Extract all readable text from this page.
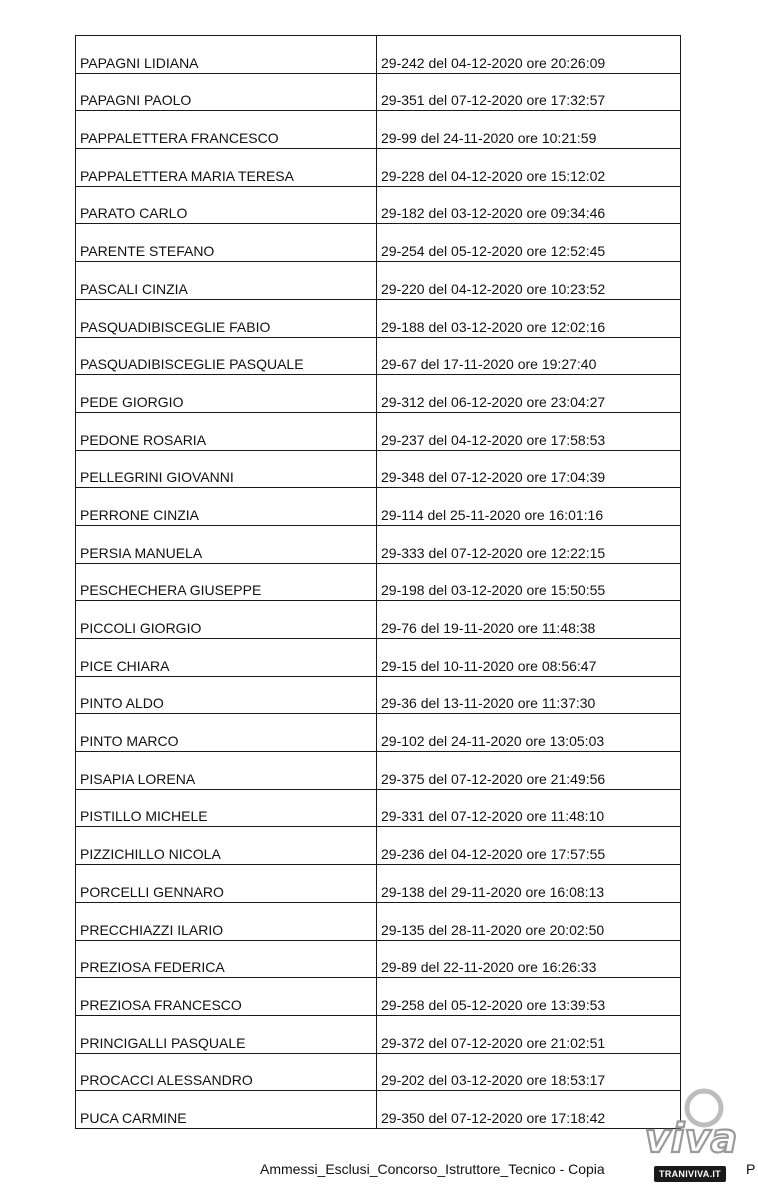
PAPAGNI LIDIANA	29-242 del 04-12-2020 ore 20:26:09
PAPAGNI PAOLO	29-351 del 07-12-2020 ore 17:32:57
PAPPALETTERA FRANCESCO	29-99 del 24-11-2020 ore 10:21:59
PAPPALETTERA MARIA TERESA	29-228 del 04-12-2020 ore 15:12:02
PARATO CARLO	29-182 del 03-12-2020 ore 09:34:46
PARENTE STEFANO	29-254 del 05-12-2020 ore 12:52:45
PASCALI CINZIA	29-220 del 04-12-2020 ore 10:23:52
PASQUADIBISCEGLIE FABIO	29-188 del 03-12-2020 ore 12:02:16
PASQUADIBISCEGLIE PASQUALE	29-67 del 17-11-2020 ore 19:27:40
PEDE GIORGIO	29-312 del 06-12-2020 ore 23:04:27
PEDONE ROSARIA	29-237 del 04-12-2020 ore 17:58:53
PELLEGRINI GIOVANNI	29-348 del 07-12-2020 ore 17:04:39
PERRONE CINZIA	29-114 del 25-11-2020 ore 16:01:16
PERSIA MANUELA	29-333 del 07-12-2020 ore 12:22:15
PESCHECHERA GIUSEPPE	29-198 del 03-12-2020 ore 15:50:55
PICCOLI GIORGIO	29-76 del 19-11-2020 ore 11:48:38
PICE CHIARA	29-15 del 10-11-2020 ore 08:56:47
PINTO ALDO	29-36 del 13-11-2020 ore 11:37:30
PINTO MARCO	29-102 del 24-11-2020 ore 13:05:03
PISAPIA LORENA	29-375 del 07-12-2020 ore 21:49:56
PISTILLO MICHELE	29-331 del 07-12-2020 ore 11:48:10
PIZZICHILLO NICOLA	29-236 del 04-12-2020 ore 17:57:55
PORCELLI GENNARO	29-138 del 29-11-2020 ore 16:08:13
PRECCHIAZZI ILARIO	29-135 del 28-11-2020 ore 20:02:50
PREZIOSA FEDERICA	29-89 del 22-11-2020 ore 16:26:33
PREZIOSA FRANCESCO	29-258 del 05-12-2020 ore 13:39:53
PRINCIGALLI PASQUALE	29-372 del 07-12-2020 ore 21:02:51
PROCACCI ALESSANDRO	29-202 del 03-12-2020 ore 18:53:17
PUCA CARMINE	29-350 del 07-12-2020 ore 17:18:42
Ammessi_Esclusi_Concorso_Istruttore_Tecnico - Copia	P
viva
TRANIVIVA.IT
